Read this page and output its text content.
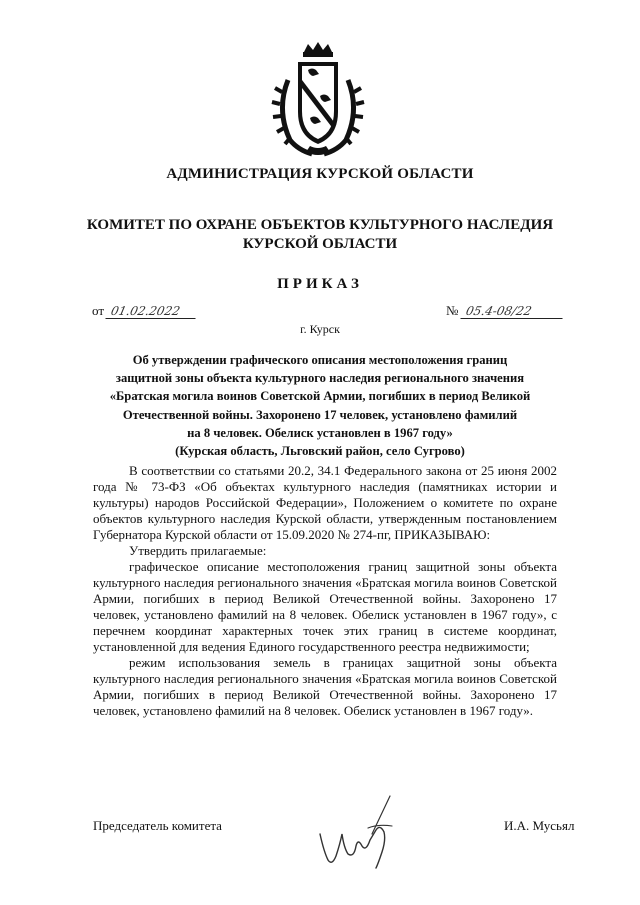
АДМИНИСТРАЦИЯ КУРСКОЙ ОБЛАСТИ
КОМИТЕТ ПО ОХРАНЕ ОБЪЕКТОВ КУЛЬТУРНОГО НАСЛЕДИЯ
КУРСКОЙ ОБЛАСТИ
ПРИКАЗ
от 01.02.2022	№ 05.4-08/22
г. Курск
Об утверждении графического описания местоположения границ
защитной зоны объекта культурного наследия регионального значения
«Братская могила воинов Советской Армии, погибших в период Великой
Отечественной войны. Захоронено 17 человек, установлено фамилий
на 8 человек. Обелиск установлен в 1967 году»
(Курская область, Льговский район, село Сугрово)

В соответствии со статьями 20.2, 34.1 Федерального закона от 25 июня 2002 года № 73-ФЗ «Об объектах культурного наследия (памятниках истории и культуры) народов Российской Федерации», Положением о комитете по охране объектов культурного наследия Курской области, утвержденным постановлением Губернатора Курской области от 15.09.2020 № 274-пг, ПРИКАЗЫВАЮ:

Утвердить прилагаемые:

графическое описание местоположения границ защитной зоны объекта культурного наследия регионального значения «Братская могила воинов Советской Армии, погибших в период Великой Отечественной войны. Захоронено 17 человек, установлено фамилий на 8 человек. Обелиск установлен в 1967 году», с перечнем координат характерных точек этих границ в системе координат, установленной для ведения Единого государственного реестра недвижимости;

режим использования земель в границах защитной зоны объекта культурного наследия регионального значения «Братская могила воинов Советской Армии, погибших в период Великой Отечественной войны. Захоронено 17 человек, установлено фамилий на 8 человек. Обелиск установлен в 1967 году».

Председатель комитета	И.А. Мусьял
